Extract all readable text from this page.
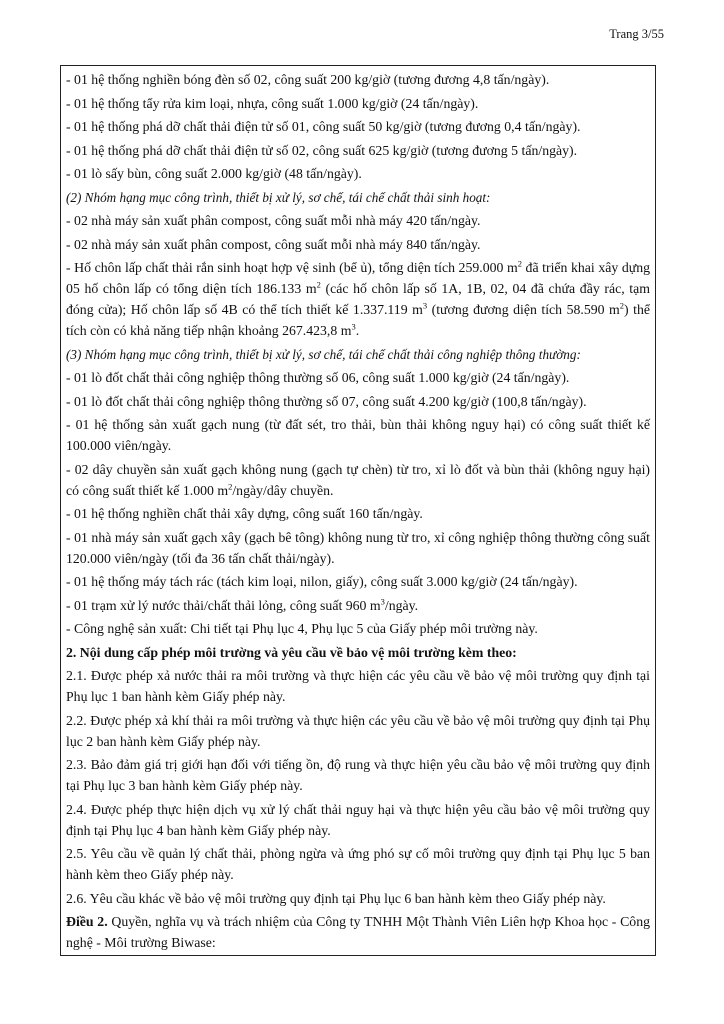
Trang 3/55

- 01 hệ thống nghiền bóng đèn số 02, công suất 200 kg/giờ (tương đương 4,8 tấn/ngày).

- 01 hệ thống tẩy rửa kim loại, nhựa, công suất 1.000 kg/giờ (24 tấn/ngày).

- 01 hệ thống phá dỡ chất thải điện tử số 01, công suất 50 kg/giờ (tương đương 0,4 tấn/ngày).

- 01 hệ thống phá dỡ chất thải điện tử số 02, công suất 625 kg/giờ (tương đương 5 tấn/ngày).

- 01 lò sấy bùn, công suất 2.000 kg/giờ (48 tấn/ngày).

(2) Nhóm hạng mục công trình, thiết bị xử lý, sơ chế, tái chế chất thải sinh hoạt:

- 02 nhà máy sản xuất phân compost, công suất mỗi nhà máy 420 tấn/ngày.

- 02 nhà máy sản xuất phân compost, công suất mỗi nhà máy 840 tấn/ngày.

- Hố chôn lấp chất thải rắn sinh hoạt hợp vệ sinh (bể ủ), tổng diện tích 259.000 $m^2$ đã triển khai xây dựng 05 hố chôn lấp có tổng diện tích 186.133 $m^2$ (các hố chôn lấp số 1A, 1B, 02, 04 đã chứa đầy rác, tạm đóng cửa); Hố chôn lấp số 4B có thể tích thiết kế 1.337.119 $m^3$ (tương đương diện tích 58.590 $m^2$) thể tích còn có khả năng tiếp nhận khoảng 267.423,8 $m^3$.

(3) Nhóm hạng mục công trình, thiết bị xử lý, sơ chế, tái chế chất thải công nghiệp thông thường:

- 01 lò đốt chất thải công nghiệp thông thường số 06, công suất 1.000 kg/giờ (24 tấn/ngày).

- 01 lò đốt chất thải công nghiệp thông thường số 07, công suất 4.200 kg/giờ (100,8 tấn/ngày).

- 01 hệ thống sản xuất gạch nung (từ đất sét, tro thải, bùn thải không nguy hại) có công suất thiết kế 100.000 viên/ngày.

- 02 dây chuyền sản xuất gạch không nung (gạch tự chèn) từ tro, xỉ lò đốt và bùn thải (không nguy hại) có công suất thiết kế 1.000 $m^2/ngày$/dây chuyền.

- 01 hệ thống nghiền chất thải xây dựng, công suất 160 tấn/ngày.

- 01 nhà máy sản xuất gạch xây (gạch bê tông) không nung từ tro, xỉ công nghiệp thông thường công suất 120.000 viên/ngày (tối đa 36 tấn chất thải/ngày).

- 01 hệ thống máy tách rác (tách kim loại, nilon, giấy), công suất 3.000 kg/giờ (24 tấn/ngày).

- 01 trạm xử lý nước thải/chất thải lỏng, công suất 960 $m^3$/ngày.

- Công nghệ sản xuất: Chi tiết tại Phụ lục 4, Phụ lục 5 của Giấy phép môi trường này.

2. Nội dung cấp phép môi trường và yêu cầu về bảo vệ môi trường kèm theo:

2.1. Được phép xả nước thải ra môi trường và thực hiện các yêu cầu về bảo vệ môi trường quy định tại Phụ lục 1 ban hành kèm Giấy phép này.

2.2. Được phép xả khí thải ra môi trường và thực hiện các yêu cầu về bảo vệ môi trường quy định tại Phụ lục 2 ban hành kèm Giấy phép này.

2.3. Bảo đảm giá trị giới hạn đối với tiếng ồn, độ rung và thực hiện yêu cầu bảo vệ môi trường quy định tại Phụ lục 3 ban hành kèm Giấy phép này.

2.4. Được phép thực hiện dịch vụ xử lý chất thải nguy hại và thực hiện yêu cầu bảo vệ môi trường quy định tại Phụ lục 4 ban hành kèm Giấy phép này.

2.5. Yêu cầu về quản lý chất thải, phòng ngừa và ứng phó sự cố môi trường quy định tại Phụ lục 5 ban hành kèm theo Giấy phép này.

2.6. Yêu cầu khác về bảo vệ môi trường quy định tại Phụ lục 6 ban hành kèm theo Giấy phép này.

Điều 2. Quyền, nghĩa vụ và trách nhiệm của Công ty TNHH Một Thành Viên Liên hợp Khoa học - Công nghệ - Môi trường Biwase:
